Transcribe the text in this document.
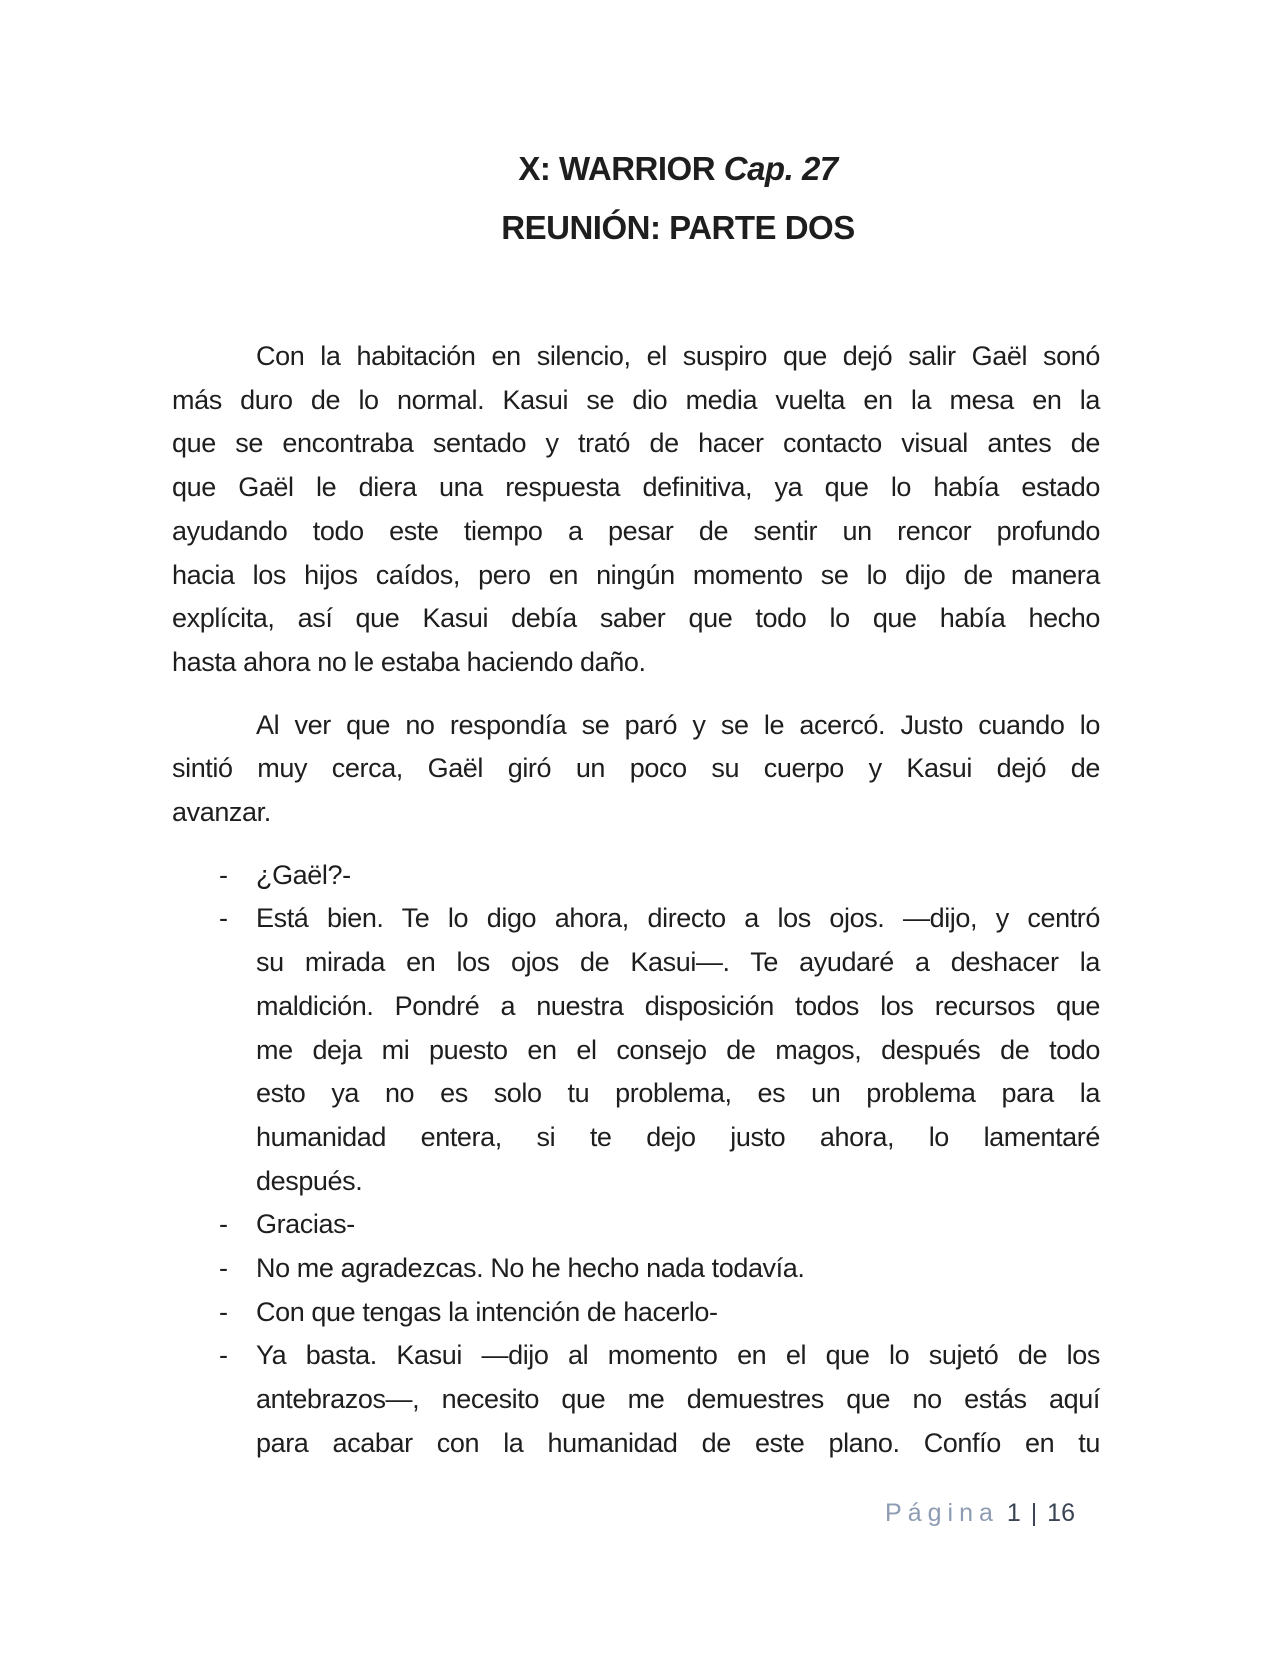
X: WARRIOR Cap. 27
REUNIÓN: PARTE DOS
Con la habitación en silencio, el suspiro que dejó salir Gaël sonó
más duro de lo normal. Kasui se dio media vuelta en la mesa en la
que se encontraba sentado y trató de hacer contacto visual antes de
que Gaël le diera una respuesta definitiva, ya que lo había estado
ayudando todo este tiempo a pesar de sentir un rencor profundo
hacia los hijos caídos, pero en ningún momento se lo dijo de manera
explícita, así que Kasui debía saber que todo lo que había hecho
hasta ahora no le estaba haciendo daño.
Al ver que no respondía se paró y se le acercó. Justo cuando lo
sintió muy cerca, Gaël giró un poco su cuerpo y Kasui dejó de
avanzar.
- ¿Gaël?-
- Está bien. Te lo digo ahora, directo a los ojos. —dijo, y centró
su mirada en los ojos de Kasui—. Te ayudaré a deshacer la
maldición. Pondré a nuestra disposición todos los recursos que
me deja mi puesto en el consejo de magos, después de todo
esto ya no es solo tu problema, es un problema para la
humanidad entera, si te dejo justo ahora, lo lamentaré
después.
- Gracias-
- No me agradezcas. No he hecho nada todavía.
- Con que tengas la intención de hacerlo-
- Ya basta. Kasui —dijo al momento en el que lo sujetó de los
antebrazos—, necesito que me demuestres que no estás aquí
para acabar con la humanidad de este plano. Confío en tu
Página 1 | 16
